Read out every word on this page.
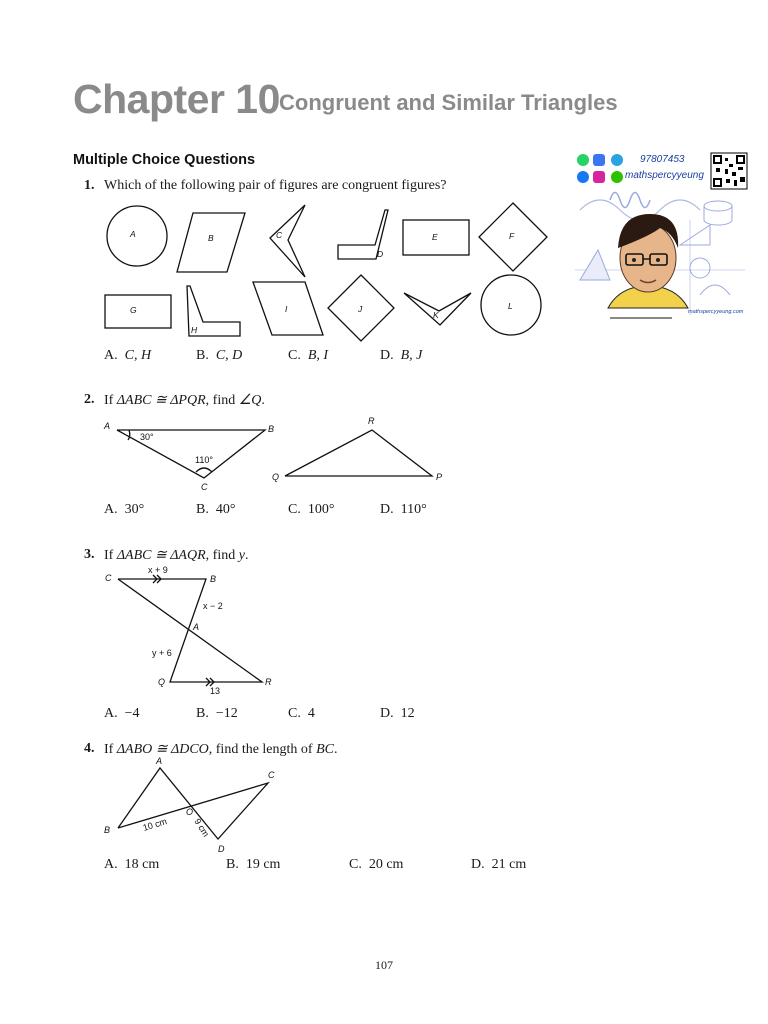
Chapter 10 Congruent and Similar Triangles
Multiple Choice Questions	97807453
mathspercyyeung
mathspercyyeung.com
1. Which of the following pair of figures are congruent figures?
A	B	C
D
E	F
G
H
I	J
K
L
A. C, H	B. C, D	C. B, I	D. B, J
2. If ΔABC ≅ ΔPQR, find ∠Q.
A	B
C
P
Q
R
30°
110°
A. 30°	B. 40°	C. 100°	D. 110°
3. If ΔABC ≅ ΔAQR, find y.
C	B
A
Q	R
x + 9
x − 2
y + 6
13
A. −4	B. −12	C. 4	D. 12
4. If ΔABO ≅ ΔDCO, find the length of BC.
A
B
C
D
O
10 cm	9 cm
A. 18 cm	B. 19 cm	C. 20 cm	D. 21 cm
107
